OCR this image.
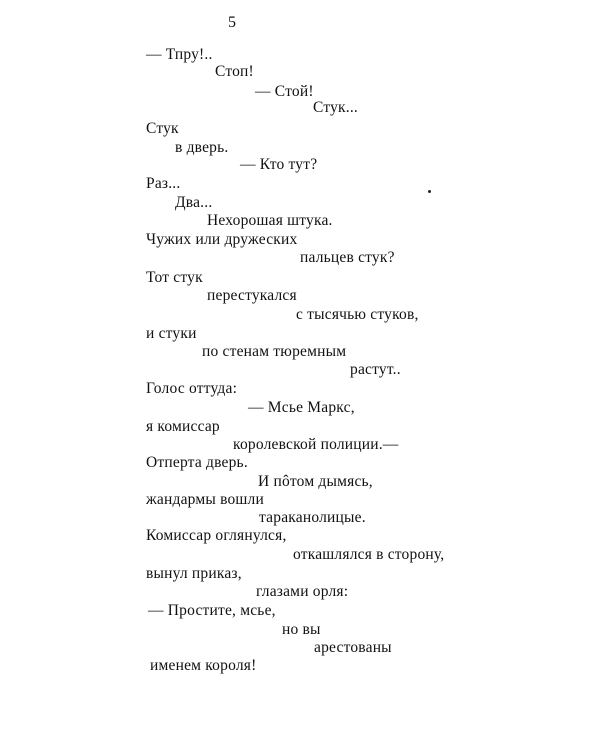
5
— Тпру!..
Стоп!
— Стой!
Стук...
Стук
в дверь.
— Кто тут?
Раз...
Два...
Нехорошая штука.
Чужих или дружеских
пальцев стук?
Тот стук
перестукался
с тысячью стуков,
и стуки
по стенам тюремным
растут..
Голос оттуда:
— Мсье Маркс,
я комиссар
королевской полиции.—
Отперта дверь.
И пôтом дымясь,
жандармы вошли
тараканолицые.
Комиссар оглянулся,
откашлялся в сторону,
вынул приказ,
глазами орля:
— Простите, мсье,
но вы
арестованы
именем короля!
